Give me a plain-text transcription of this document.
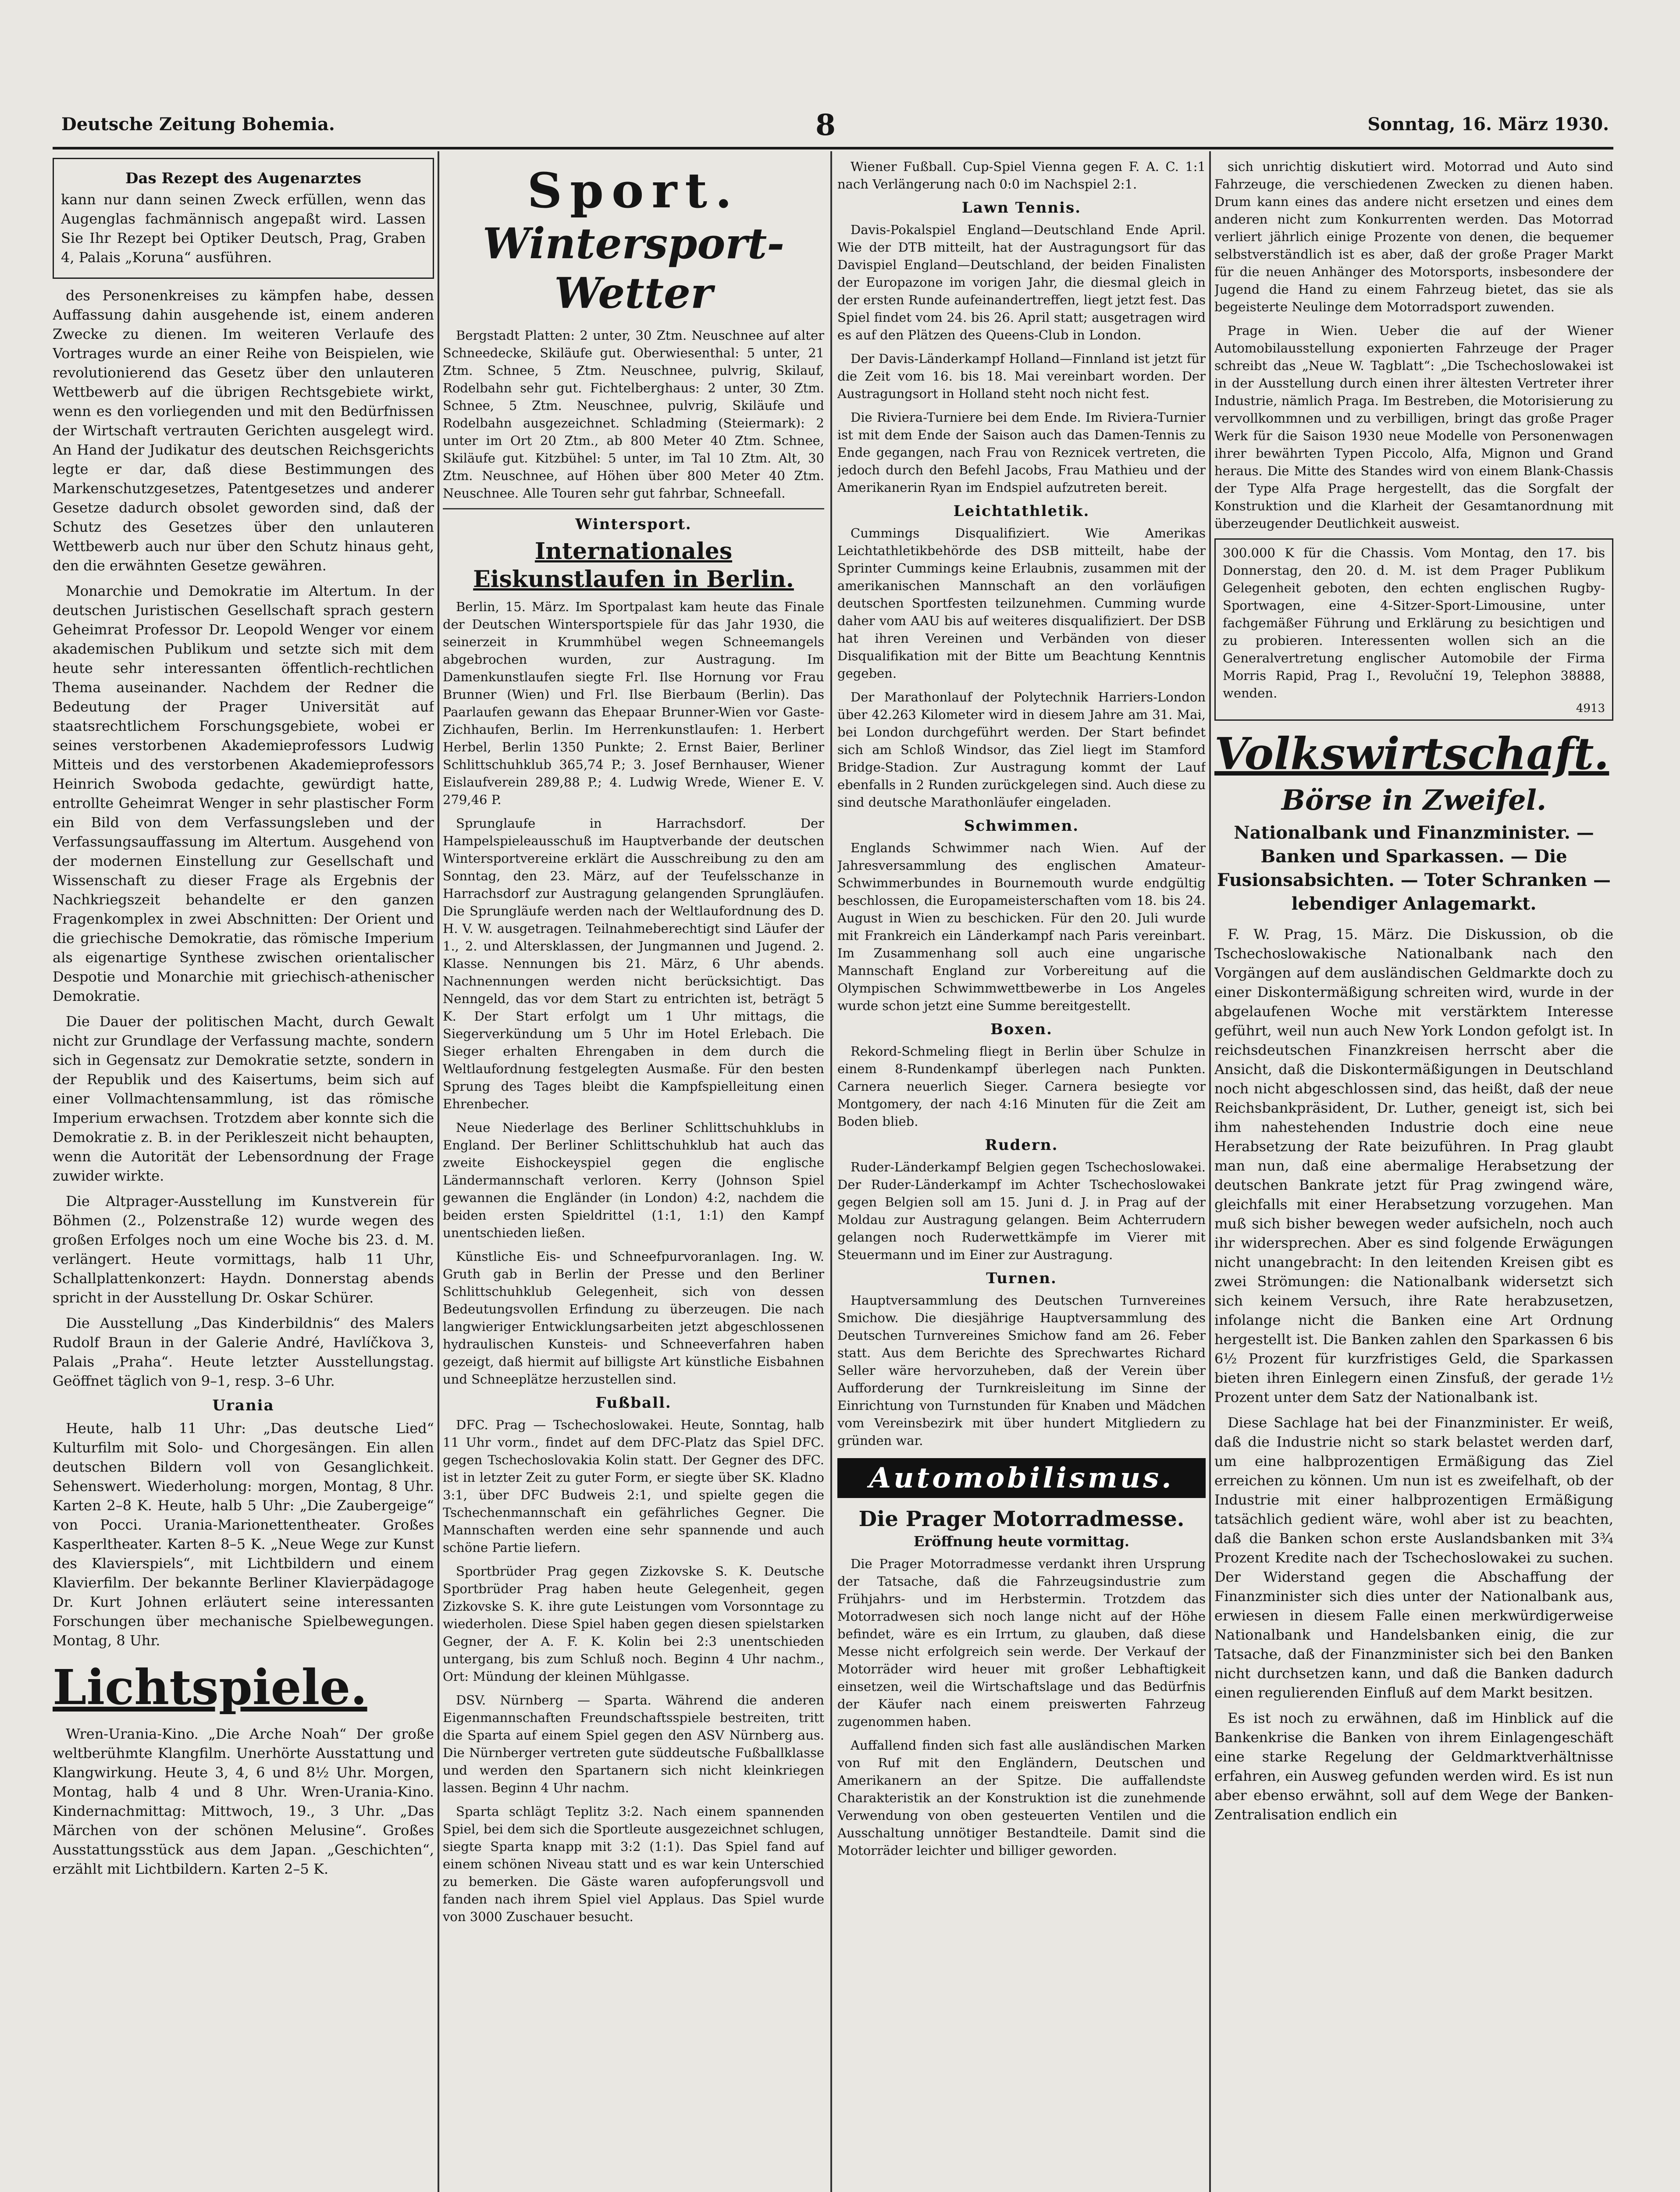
Deutsche Zeitung Bohemia.	8	Sonntag, 16. März 1930.
Das Rezept des Augenarztes

kann nur dann seinen Zweck erfüllen, wenn das Augenglas fachmännisch angepaßt wird. Lassen Sie Ihr Rezept bei Optiker Deutsch, Prag, Graben 4, Palais „Koruna“ ausführen.

des Personenkreises zu kämpfen habe, dessen Auffassung dahin ausgehende ist, einem anderen Zwecke zu dienen. Im weiteren Verlaufe des Vortrages wurde an einer Reihe von Beispielen, wie revolutionierend das Gesetz über den unlauteren Wettbewerb auf die übrigen Rechtsgebiete wirkt, wenn es den vorliegenden und mit den Bedürfnissen der Wirtschaft vertrauten Gerichten ausgelegt wird. An Hand der Judikatur des deutschen Reichsgerichts legte er dar, daß diese Bestimmungen des Markenschutzgesetzes, Patentgesetzes und anderer Gesetze dadurch obsolet geworden sind, daß der Schutz des Gesetzes über den unlauteren Wettbewerb auch nur über den Schutz hinaus geht, den die erwähnten Gesetze gewähren.

Monarchie und Demokratie im Altertum. In der deutschen Juristischen Gesellschaft sprach gestern Geheimrat Professor Dr. Leopold Wenger vor einem akademischen Publikum und setzte sich mit dem heute sehr interessanten öffentlich-rechtlichen Thema auseinander. Nachdem der Redner die Bedeutung der Prager Universität auf staatsrechtlichem Forschungsgebiete, wobei er seines verstorbenen Akademieprofessors Ludwig Mitteis und des verstorbenen Akademieprofessors Heinrich Swoboda gedachte, gewürdigt hatte, entrollte Geheimrat Wenger in sehr plastischer Form ein Bild von dem Verfassungsleben und der Verfassungsauffassung im Altertum. Ausgehend von der modernen Einstellung zur Gesellschaft und Wissenschaft zu dieser Frage als Ergebnis der Nachkriegszeit behandelte er den ganzen Fragenkomplex in zwei Abschnitten: Der Orient und die griechische Demokratie, das römische Imperium als eigenartige Synthese zwischen orientalischer Despotie und Monarchie mit griechisch-athenischer Demokratie.

Die Dauer der politischen Macht, durch Gewalt nicht zur Grundlage der Verfassung machte, sondern sich in Gegensatz zur Demokratie setzte, sondern in der Republik und des Kaisertums, beim sich auf einer Vollmachtensammlung, ist das römische Imperium erwachsen. Trotzdem aber konnte sich die Demokratie z. B. in der Perikleszeit nicht behaupten, wenn die Autorität der Lebensordnung der Frage zuwider wirkte.

Die Altprager-Ausstellung im Kunstverein für Böhmen (2., Polzenstraße 12) wurde wegen des großen Erfolges noch um eine Woche bis 23. d. M. verlängert. Heute vormittags, halb 11 Uhr, Schallplattenkonzert: Haydn. Donnerstag abends spricht in der Ausstellung Dr. Oskar Schürer.

Die Ausstellung „Das Kinderbildnis“ des Malers Rudolf Braun in der Galerie André, Havlíčkova 3, Palais „Praha“. Heute letzter Ausstellungstag. Geöffnet täglich von 9–1, resp. 3–6 Uhr.

Urania

Heute, halb 11 Uhr: „Das deutsche Lied“ Kulturfilm mit Solo- und Chorgesängen. Ein allen deutschen Bildern voll von Gesanglichkeit. Sehenswert. Wiederholung: morgen, Montag, 8 Uhr. Karten 2–8 K. Heute, halb 5 Uhr: „Die Zaubergeige“ von Pocci. Urania-Marionettentheater. Großes Kasperltheater. Karten 8–5 K. „Neue Wege zur Kunst des Klavierspiels“, mit Lichtbildern und einem Klavierfilm. Der bekannte Berliner Klavierpädagoge Dr. Kurt Johnen erläutert seine interessanten Forschungen über mechanische Spielbewegungen. Montag, 8 Uhr.

Lichtspiele.

Wren-Urania-Kino. „Die Arche Noah“ Der große weltberühmte Klangfilm. Unerhörte Ausstattung und Klangwirkung. Heute 3, 4, 6 und 8½ Uhr. Morgen, Montag, halb 4 und 8 Uhr. Wren-Urania-Kino. Kindernachmittag: Mittwoch, 19., 3 Uhr. „Das Märchen von der schönen Melusine“. Großes Ausstattungsstück aus dem Japan. „Geschichten“, erzählt mit Lichtbildern. Karten 2–5 K.

Sport.
Wintersport-Wetter

Bergstadt Platten: 2 unter, 30 Ztm. Neuschnee auf alter Schneedecke, Skiläufe gut. Oberwiesenthal: 5 unter, 21 Ztm. Schnee, 5 Ztm. Neuschnee, pulvrig, Skilauf, Rodelbahn sehr gut. Fichtelberghaus: 2 unter, 30 Ztm. Schnee, 5 Ztm. Neuschnee, pulvrig, Skiläufe und Rodelbahn ausgezeichnet. Schladming (Steiermark): 2 unter im Ort 20 Ztm., ab 800 Meter 40 Ztm. Schnee, Skiläufe gut. Kitzbühel: 5 unter, im Tal 10 Ztm. Alt, 30 Ztm. Neuschnee, auf Höhen über 800 Meter 40 Ztm. Neuschnee. Alle Touren sehr gut fahrbar, Schneefall.

Wintersport.
Internationales Eiskunstlaufen in Berlin.

Berlin, 15. März. Im Sportpalast kam heute das Finale der Deutschen Wintersportspiele für das Jahr 1930, die seinerzeit in Krummhübel wegen Schneemangels abgebrochen wurden, zur Austragung. Im Damenkunstlaufen siegte Frl. Ilse Hornung vor Frau Brunner (Wien) und Frl. Ilse Bierbaum (Berlin). Das Paarlaufen gewann das Ehepaar Brunner-Wien vor Gaste-Zichhaufen, Berlin. Im Herrenkunstlaufen: 1. Herbert Herbel, Berlin 1350 Punkte; 2. Ernst Baier, Berliner Schlittschuhklub 365,74 P.; 3. Josef Bernhauser, Wiener Eislaufverein 289,88 P.; 4. Ludwig Wrede, Wiener E. V. 279,46 P.

Sprunglaufe in Harrachsdorf. Der Hampelspieleausschuß im Hauptverbande der deutschen Wintersportvereine erklärt die Ausschreibung zu den am Sonntag, den 23. März, auf der Teufelsschanze in Harrachsdorf zur Austragung gelangenden Sprungläufen. Die Sprungläufe werden nach der Weltlaufordnung des D. H. V. W. ausgetragen. Teilnahmeberechtigt sind Läufer der 1., 2. und Altersklassen, der Jungmannen und Jugend. 2. Klasse. Nennungen bis 21. März, 6 Uhr abends. Nachnennungen werden nicht berücksichtigt. Das Nenngeld, das vor dem Start zu entrichten ist, beträgt 5 K. Der Start erfolgt um 1 Uhr mittags, die Siegerverkündung um 5 Uhr im Hotel Erlebach. Die Sieger erhalten Ehrengaben in dem durch die Weltlaufordnung festgelegten Ausmaße. Für den besten Sprung des Tages bleibt die Kampfspielleitung einen Ehrenbecher.

Neue Niederlage des Berliner Schlittschuhklubs in England. Der Berliner Schlittschuhklub hat auch das zweite Eishockeyspiel gegen die englische Ländermannschaft verloren. Kerry (Johnson Spiel gewannen die Engländer (in London) 4:2, nachdem die beiden ersten Spieldrittel (1:1, 1:1) den Kampf unentschieden ließen.

Künstliche Eis- und Schneefpurvoranlagen. Ing. W. Gruth gab in Berlin der Presse und den Berliner Schlittschuhklub Gelegenheit, sich von dessen Bedeutungsvollen Erfindung zu überzeugen. Die nach langwieriger Entwicklungsarbeiten jetzt abgeschlossenen hydraulischen Kunsteis- und Schneeverfahren haben gezeigt, daß hiermit auf billigste Art künstliche Eisbahnen und Schneeplätze herzustellen sind.

Fußball.

DFC. Prag — Tschechoslowakei. Heute, Sonntag, halb 11 Uhr vorm., findet auf dem DFC-Platz das Spiel DFC. gegen Tschechoslovakia Kolin statt. Der Gegner des DFC. ist in letzter Zeit zu guter Form, er siegte über SK. Kladno 3:1, über DFC Budweis 2:1, und spielte gegen die Tschechenmannschaft ein gefährliches Gegner. Die Mannschaften werden eine sehr spannende und auch schöne Partie liefern.

Sportbrüder Prag gegen Zizkovske S. K. Deutsche Sportbrüder Prag haben heute Gelegenheit, gegen Zizkovske S. K. ihre gute Leistungen vom Vorsonntage zu wiederholen. Diese Spiel haben gegen diesen spielstarken Gegner, der A. F. K. Kolin bei 2:3 unentschieden untergang, bis zum Schluß noch. Beginn 4 Uhr nachm., Ort: Mündung der kleinen Mühlgasse.

DSV. Nürnberg — Sparta. Während die anderen Eigenmannschaften Freundschaftsspiele bestreiten, tritt die Sparta auf einem Spiel gegen den ASV Nürnberg aus. Die Nürnberger vertreten gute süddeutsche Fußballklasse und werden den Spartanern sich nicht kleinkriegen lassen. Beginn 4 Uhr nachm.

Sparta schlägt Teplitz 3:2. Nach einem spannenden Spiel, bei dem sich die Sportleute ausgezeichnet schlugen, siegte Sparta knapp mit 3:2 (1:1). Das Spiel fand auf einem schönen Niveau statt und es war kein Unterschied zu bemerken. Die Gäste waren aufopferungsvoll und fanden nach ihrem Spiel viel Applaus. Das Spiel wurde von 3000 Zuschauer besucht.

Wiener Fußball. Cup-Spiel Vienna gegen F. A. C. 1:1 nach Verlängerung nach 0:0 im Nachspiel 2:1.

Lawn Tennis.

Davis-Pokalspiel England—Deutschland Ende April. Wie der DTB mitteilt, hat der Austragungsort für das Davispiel England—Deutschland, der beiden Finalisten der Europazone im vorigen Jahr, die diesmal gleich in der ersten Runde aufeinandertreffen, liegt jetzt fest. Das Spiel findet vom 24. bis 26. April statt; ausgetragen wird es auf den Plätzen des Queens-Club in London.

Der Davis-Länderkampf Holland—Finnland ist jetzt für die Zeit vom 16. bis 18. Mai vereinbart worden. Der Austragungsort in Holland steht noch nicht fest.

Die Riviera-Turniere bei dem Ende. Im Riviera-Turnier ist mit dem Ende der Saison auch das Damen-Tennis zu Ende gegangen, nach Frau von Reznicek vertreten, die jedoch durch den Befehl Jacobs, Frau Mathieu und der Amerikanerin Ryan im Endspiel aufzutreten bereit.

Leichtathletik.

Cummings Disqualifiziert. Wie Amerikas Leichtathletikbehörde des DSB mitteilt, habe der Sprinter Cummings keine Erlaubnis, zusammen mit der amerikanischen Mannschaft an den vorläufigen deutschen Sportfesten teilzunehmen. Cumming wurde daher vom AAU bis auf weiteres disqualifiziert. Der DSB hat ihren Vereinen und Verbänden von dieser Disqualifikation mit der Bitte um Beachtung Kenntnis gegeben.

Der Marathonlauf der Polytechnik Harriers-London über 42.263 Kilometer wird in diesem Jahre am 31. Mai, bei London durchgeführt werden. Der Start befindet sich am Schloß Windsor, das Ziel liegt im Stamford Bridge-Stadion. Zur Austragung kommt der Lauf ebenfalls in 2 Runden zurückgelegen sind. Auch diese zu sind deutsche Marathonläufer eingeladen.

Schwimmen.

Englands Schwimmer nach Wien. Auf der Jahresversammlung des englischen Amateur-Schwimmerbundes in Bournemouth wurde endgültig beschlossen, die Europameisterschaften vom 18. bis 24. August in Wien zu beschicken. Für den 20. Juli wurde mit Frankreich ein Länderkampf nach Paris vereinbart. Im Zusammenhang soll auch eine ungarische Mannschaft England zur Vorbereitung auf die Olympischen Schwimmwettbewerbe in Los Angeles wurde schon jetzt eine Summe bereitgestellt.

Boxen.

Rekord-Schmeling fliegt in Berlin über Schulze in einem 8-Rundenkampf überlegen nach Punkten. Carnera neuerlich Sieger. Carnera besiegte vor Montgomery, der nach 4:16 Minuten für die Zeit am Boden blieb.

Rudern.

Ruder-Länderkampf Belgien gegen Tschechoslowakei. Der Ruder-Länderkampf im Achter Tschechoslowakei gegen Belgien soll am 15. Juni d. J. in Prag auf der Moldau zur Austragung gelangen. Beim Achterrudern gelangen noch Ruderwettkämpfe im Vierer mit Steuermann und im Einer zur Austragung.

Turnen.

Hauptversammlung des Deutschen Turnvereines Smichow. Die diesjährige Hauptversammlung des Deutschen Turnvereines Smichow fand am 26. Feber statt. Aus dem Berichte des Sprechwartes Richard Seller wäre hervorzuheben, daß der Verein über Aufforderung der Turnkreisleitung im Sinne der Einrichtung von Turnstunden für Knaben und Mädchen vom Vereinsbezirk mit über hundert Mitgliedern zu gründen war.

Automobilismus.
Die Prager Motorradmesse.
Eröffnung heute vormittag.

Die Prager Motorradmesse verdankt ihren Ursprung der Tatsache, daß die Fahrzeugsindustrie zum Frühjahrs- und im Herbstermin. Trotzdem das Motorradwesen sich noch lange nicht auf der Höhe befindet, wäre es ein Irrtum, zu glauben, daß diese Messe nicht erfolgreich sein werde. Der Verkauf der Motorräder wird heuer mit großer Lebhaftigkeit einsetzen, weil die Wirtschaftslage und das Bedürfnis der Käufer nach einem preiswerten Fahrzeug zugenommen haben.

Auffallend finden sich fast alle ausländischen Marken von Ruf mit den Engländern, Deutschen und Amerikanern an der Spitze. Die auffallendste Charakteristik an der Konstruktion ist die zunehmende Verwendung von oben gesteuerten Ventilen und die Ausschaltung unnötiger Bestandteile. Damit sind die Motorräder leichter und billiger geworden.

sich unrichtig diskutiert wird. Motorrad und Auto sind Fahrzeuge, die verschiedenen Zwecken zu dienen haben. Drum kann eines das andere nicht ersetzen und eines dem anderen nicht zum Konkurrenten werden. Das Motorrad verliert jährlich einige Prozente von denen, die bequemer selbstverständlich ist es aber, daß der große Prager Markt für die neuen Anhänger des Motorsports, insbesondere der Jugend die Hand zu einem Fahrzeug bietet, das sie als begeisterte Neulinge dem Motorradsport zuwenden.

Prage in Wien. Ueber die auf der Wiener Automobilausstellung exponierten Fahrzeuge der Prager schreibt das „Neue W. Tagblatt“: „Die Tschechoslowakei ist in der Ausstellung durch einen ihrer ältesten Vertreter ihrer Industrie, nämlich Praga. Im Bestreben, die Motorisierung zu vervollkommnen und zu verbilligen, bringt das große Prager Werk für die Saison 1930 neue Modelle von Personenwagen ihrer bewährten Typen Piccolo, Alfa, Mignon und Grand heraus. Die Mitte des Standes wird von einem Blank-Chassis der Type Alfa Prage hergestellt, das die Sorgfalt der Konstruktion und die Klarheit der Gesamtanordnung mit überzeugender Deutlichkeit ausweist.

300.000 K für die Chassis. Vom Montag, den 17. bis Donnerstag, den 20. d. M. ist dem Prager Publikum Gelegenheit geboten, den echten englischen Rugby-Sportwagen, eine 4-Sitzer-Sport-Limousine, unter fachgemäßer Führung und Erklärung zu besichtigen und zu probieren. Interessenten wollen sich an die Generalvertretung englischer Automobile der Firma Morris Rapid, Prag I., Revoluční 19, Telephon 38888, wenden.

4913
Volkswirtschaft.
Börse in Zweifel.
Nationalbank und Finanzminister. — Banken und Sparkassen. — Die Fusionsabsichten. — Toter Schranken — lebendiger Anlagemarkt.

F. W. Prag, 15. März. Die Diskussion, ob die Tschechoslowakische Nationalbank nach den Vorgängen auf dem ausländischen Geldmarkte doch zu einer Diskontermäßigung schreiten wird, wurde in der abgelaufenen Woche mit verstärktem Interesse geführt, weil nun auch New York London gefolgt ist. In reichsdeutschen Finanzkreisen herrscht aber die Ansicht, daß die Diskontermäßigungen in Deutschland noch nicht abgeschlossen sind, das heißt, daß der neue Reichsbankpräsident, Dr. Luther, geneigt ist, sich bei ihm nahestehenden Industrie doch eine neue Herabsetzung der Rate beizuführen. In Prag glaubt man nun, daß eine abermalige Herabsetzung der deutschen Bankrate jetzt für Prag zwingend wäre, gleichfalls mit einer Herabsetzung vorzugehen. Man muß sich bisher bewegen weder aufsicheln, noch auch ihr widersprechen. Aber es sind folgende Erwägungen nicht unangebracht: In den leitenden Kreisen gibt es zwei Strömungen: die Nationalbank widersetzt sich sich keinem Versuch, ihre Rate herabzusetzen, infolange nicht die Banken eine Art Ordnung hergestellt ist. Die Banken zahlen den Sparkassen 6 bis 6½ Prozent für kurzfristiges Geld, die Sparkassen bieten ihren Einlegern einen Zinsfuß, der gerade 1½ Prozent unter dem Satz der Nationalbank ist.

Diese Sachlage hat bei der Finanzminister. Er weiß, daß die Industrie nicht so stark belastet werden darf, um eine halbprozentigen Ermäßigung das Ziel erreichen zu können. Um nun ist es zweifelhaft, ob der Industrie mit einer halbprozentigen Ermäßigung tatsächlich gedient wäre, wohl aber ist zu beachten, daß die Banken schon erste Auslandsbanken mit 3¾ Prozent Kredite nach der Tschechoslowakei zu suchen. Der Widerstand gegen die Abschaffung der Finanzminister sich dies unter der Nationalbank aus, erwiesen in diesem Falle einen merkwürdigerweise Nationalbank und Handelsbanken einig, die zur Tatsache, daß der Finanzminister sich bei den Banken nicht durchsetzen kann, und daß die Banken dadurch einen regulierenden Einfluß auf dem Markt besitzen.

Es ist noch zu erwähnen, daß im Hinblick auf die Bankenkrise die Banken von ihrem Einlagengeschäft eine starke Regelung der Geldmarktverhältnisse erfahren, ein Ausweg gefunden werden wird. Es ist nun aber ebenso erwähnt, soll auf dem Wege der Banken-Zentralisation endlich ein
